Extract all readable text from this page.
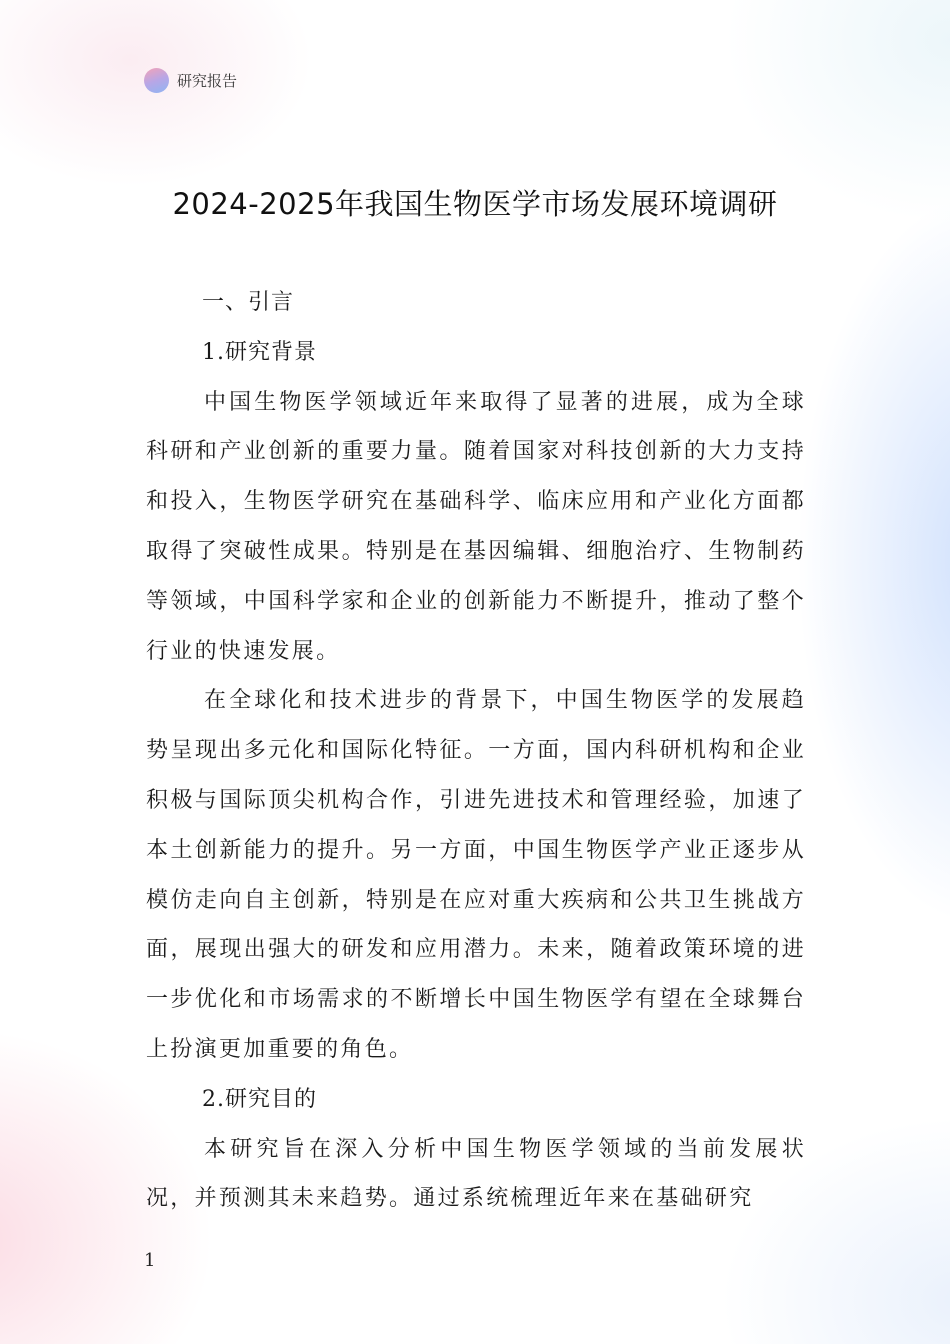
研究报告
2024-2025年我国生物医学市场发展环境调研
一、引言
1.研究背景

中国生物医学领域近年来取得了显著的进展，成为全球科研和产业创新的重要力量。随着国家对科技创新的大力支持和投入，生物医学研究在基础科学、临床应用和产业化方面都取得了突破性成果。特别是在基因编辑、细胞治疗、生物制药等领域，中国科学家和企业的创新能力不断提升，推动了整个行业的快速发展。

在全球化和技术进步的背景下，中国生物医学的发展趋势呈现出多元化和国际化特征。一方面，国内科研机构和企业积极与国际顶尖机构合作，引进先进技术和管理经验，加速了本土创新能力的提升。另一方面，中国生物医学产业正逐步从模仿走向自主创新，特别是在应对重大疾病和公共卫生挑战方面，展现出强大的研发和应用潜力。未来，随着政策环境的进一步优化和市场需求的不断增长中国生物医学有望在全球舞台上扮演更加重要的角色。

2.研究目的

本研究旨在深入分析中国生物医学领域的当前发展状况，并预测其未来趋势。通过系统梳理近年来在基础研究

1
